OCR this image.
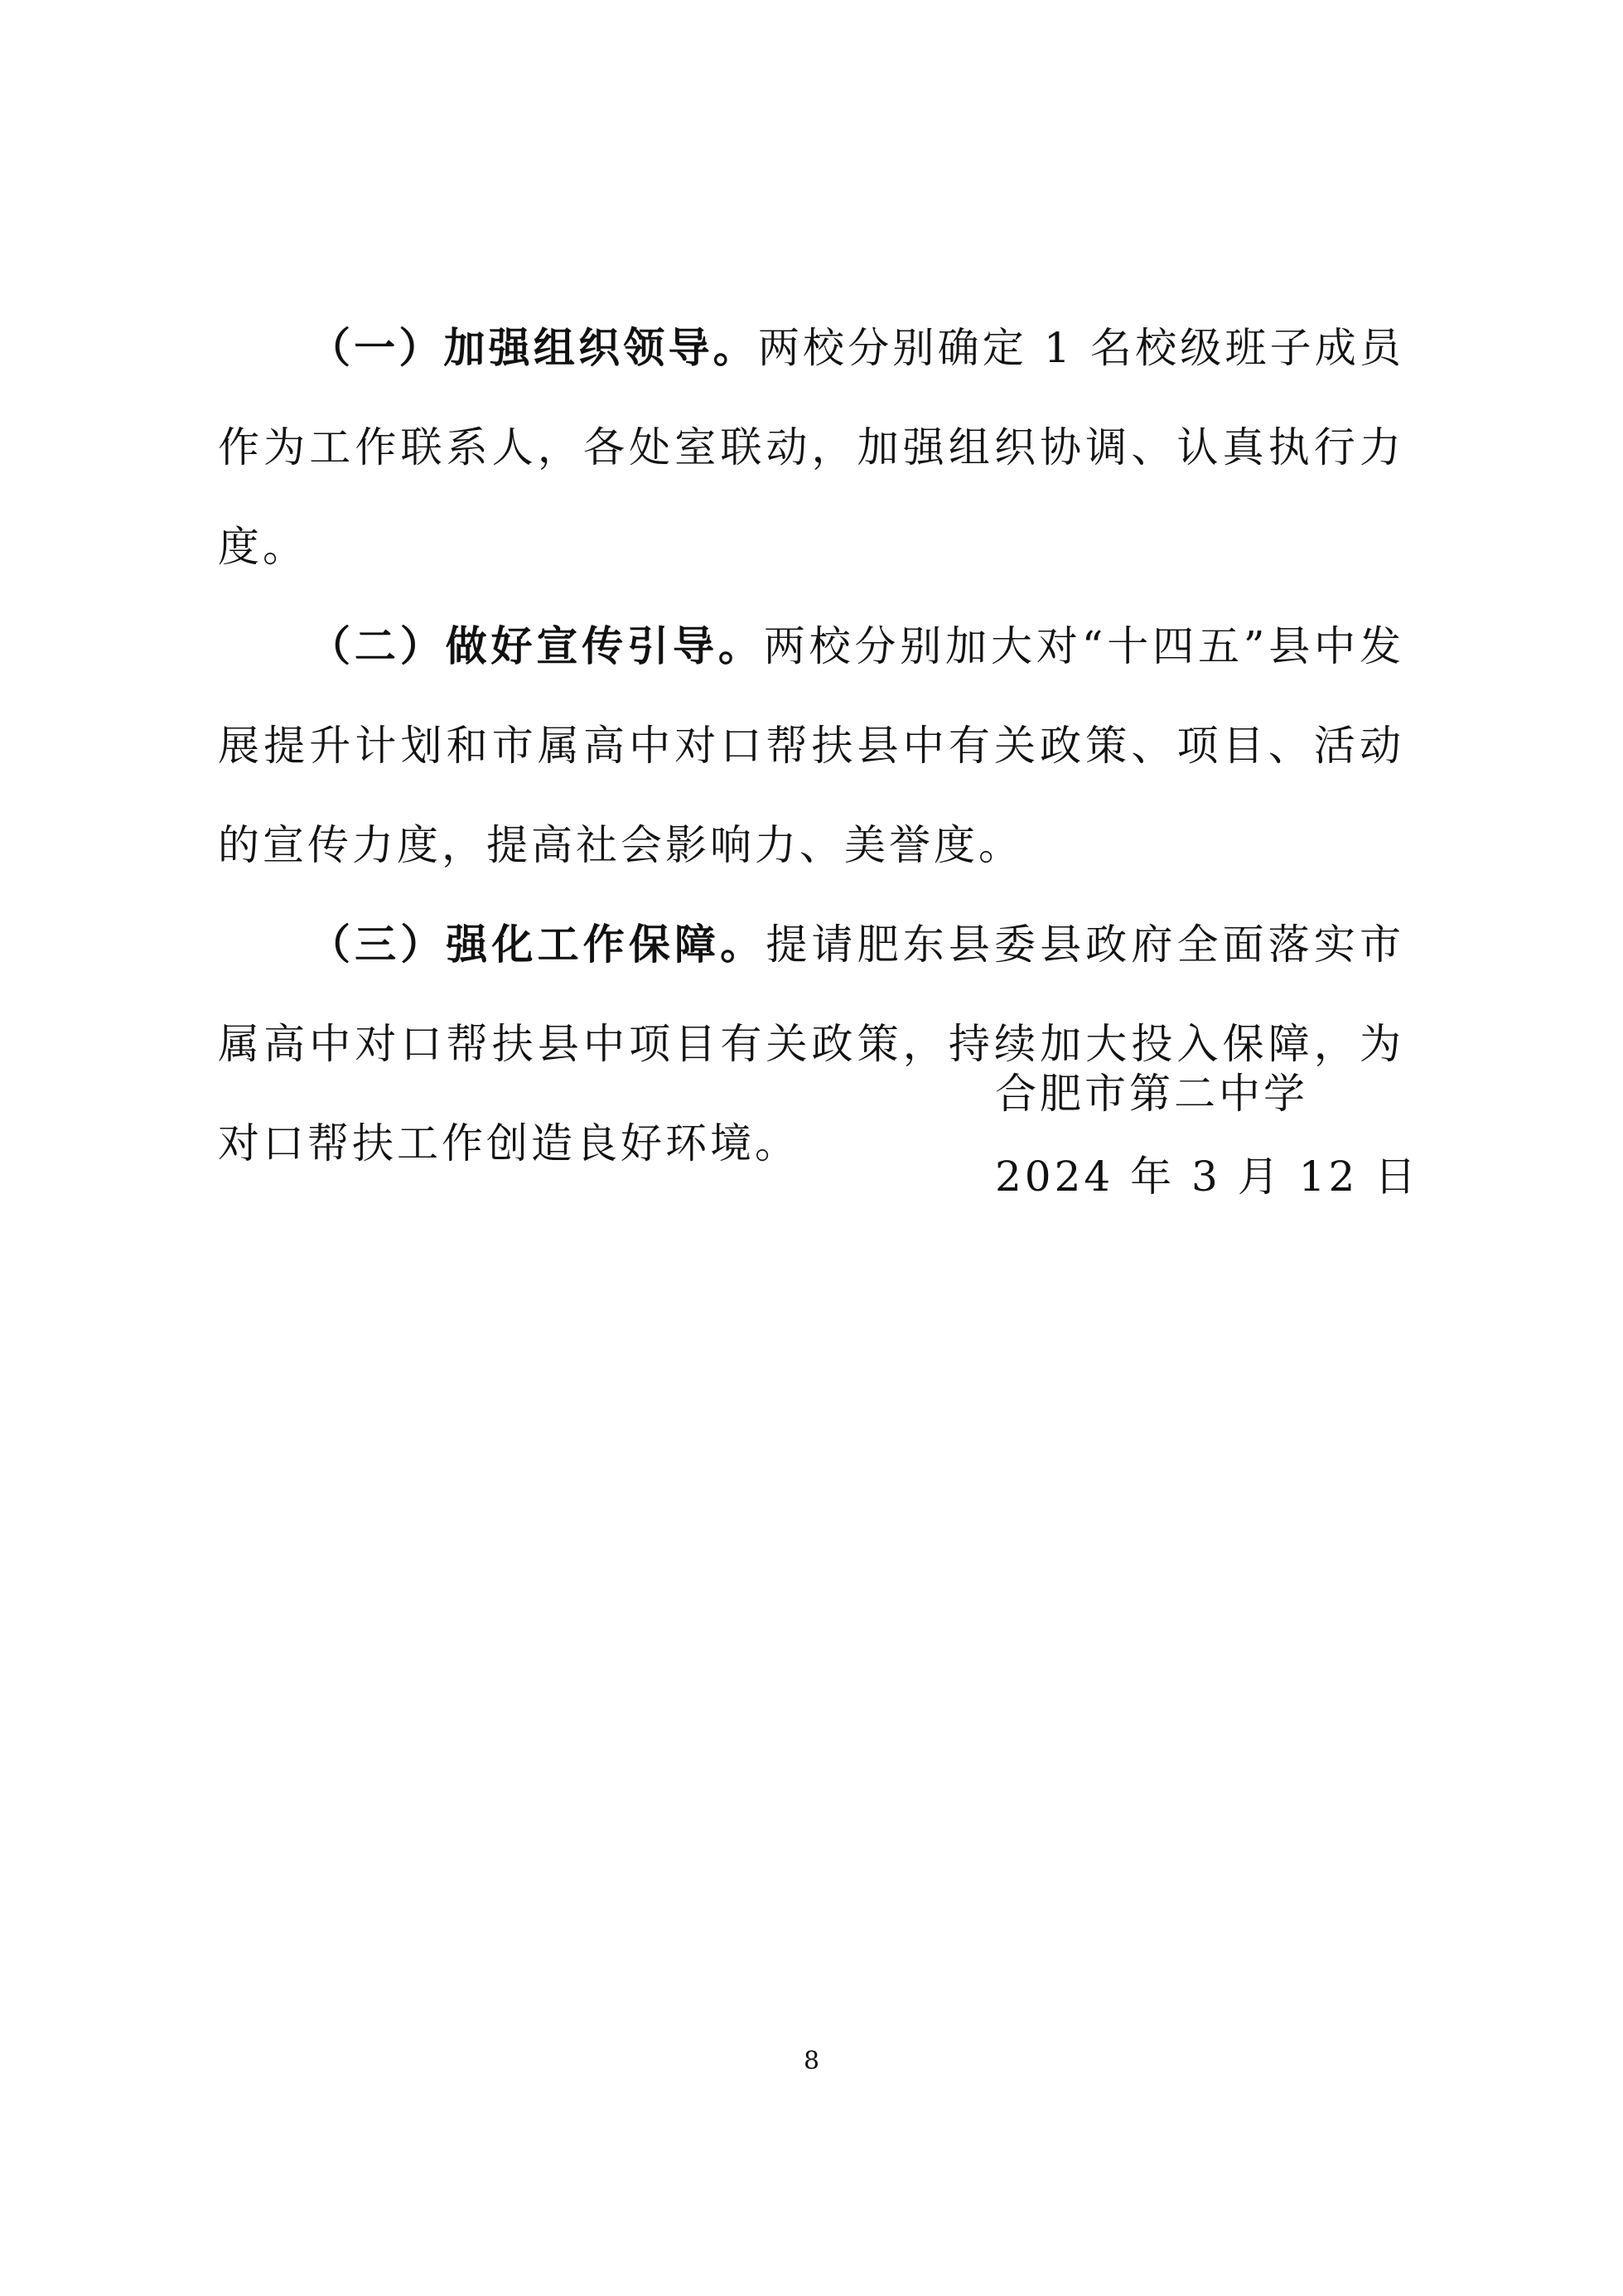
（一）加强组织领导。两校分别确定 1 名校级班子成员作为工作联系人，各处室联动，加强组织协调、认真执行力度。

（二）做好宣传引导。两校分别加大对“十四五”县中发展提升计划和市属高中对口帮扶县中有关政策、项目、活动的宣传力度，提高社会影响力、美誉度。

（三）强化工作保障。提请肥东县委县政府全面落实市属高中对口帮扶县中项目有关政策，持续加大投入保障，为对口帮扶工作创造良好环境。

合肥市第二中学
2024 年 3 月 12 日
8
